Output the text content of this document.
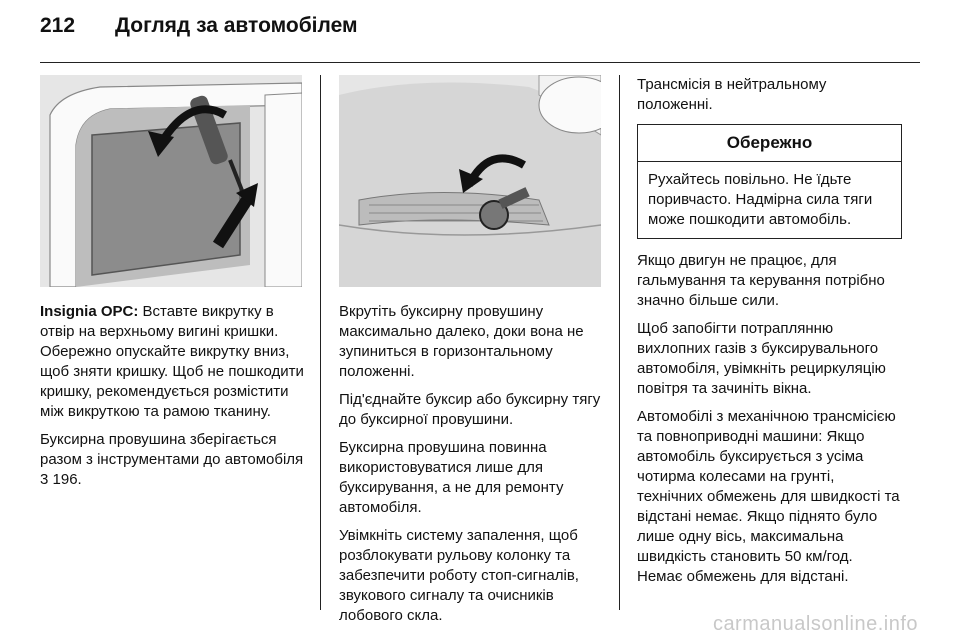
212 Догляд за автомобілем

Insignia OPC: Вставте викрутку в отвір на верхньому вигині кришки. Обережно опускайте викрутку вниз, щоб зняти кришку. Щоб не пошкодити кришку, рекомендується розмістити між викруткою та рамою тканину.

Буксирна провушина зберігається разом з інструментами до автомобіля 3 196.

Вкрутіть буксирну провушину максимально далеко, доки вона не зупиниться в горизонтальному положенні.

Під'єднайте буксир або буксирну тягу до буксирної провушини.

Буксирна провушина повинна використовуватися лише для буксирування, а не для ремонту автомобіля.

Увімкніть систему запалення, щоб розблокувати рульову колонку та забезпечити роботу стоп-сигналів, звукового сигналу та очисників лобового скла.

Трансмісія в нейтральному положенні.

Обережно
Рухайтесь повільно. Не їдьте поривчасто. Надмірна сила тяги може пошкодити автомобіль.

Якщо двигун не працює, для гальмування та керування потрібно значно більше сили.

Щоб запобігти потраплянню вихлопних газів з буксирувального автомобіля, увімкніть рециркуляцію повітря та зачиніть вікна.

Автомобілі з механічною трансмісією та повноприводні машини: Якщо автомобіль буксирується з усіма чотирма колесами на грунті, технічних обмежень для швидкості та відстані немає. Якщо піднято було лише одну вісь, максимальна швидкість становить 50 км/год. Немає обмежень для відстані.

carmanualsonline.info
